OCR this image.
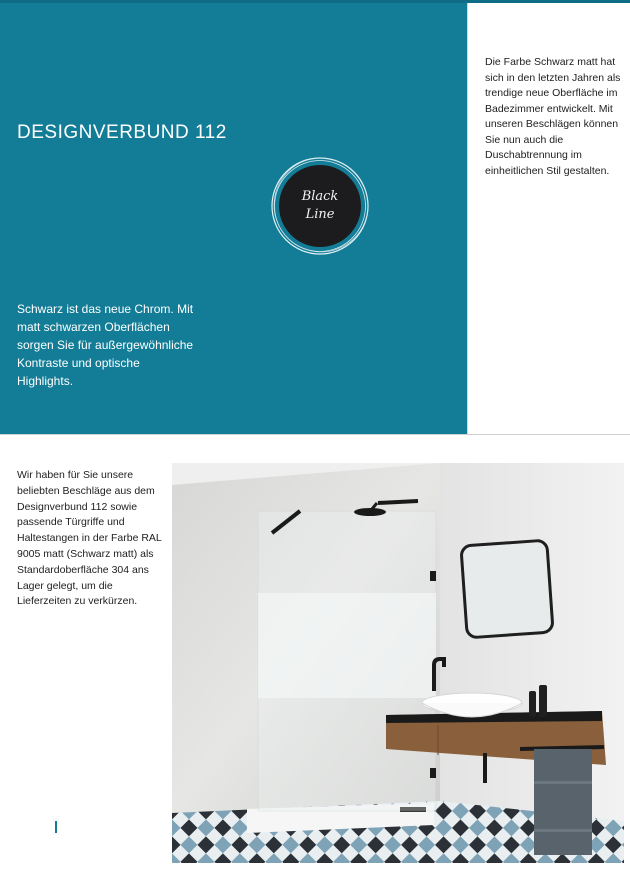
DESIGNVERBUND 112
Black
Line

Schwarz ist das neue Chrom. Mit matt schwarzen Oberflächen sorgen Sie für außergewöhnliche Kontraste und optische Highlights.

Die Farbe Schwarz matt hat sich in den letzten Jahren als trendige neue Oberfläche im Badezimmer entwickelt. Mit unseren Beschlägen können Sie nun auch die Duschabtrennung im einheitlichen Stil gestalten.

Wir haben für Sie unsere beliebten Beschläge aus dem Designverbund 112 sowie passende Türgriffe und Haltestangen in der Farbe RAL 9005 matt (Schwarz matt) als Standardoberfläche 304 ans Lager gelegt, um die Lieferzeiten zu verkürzen.
